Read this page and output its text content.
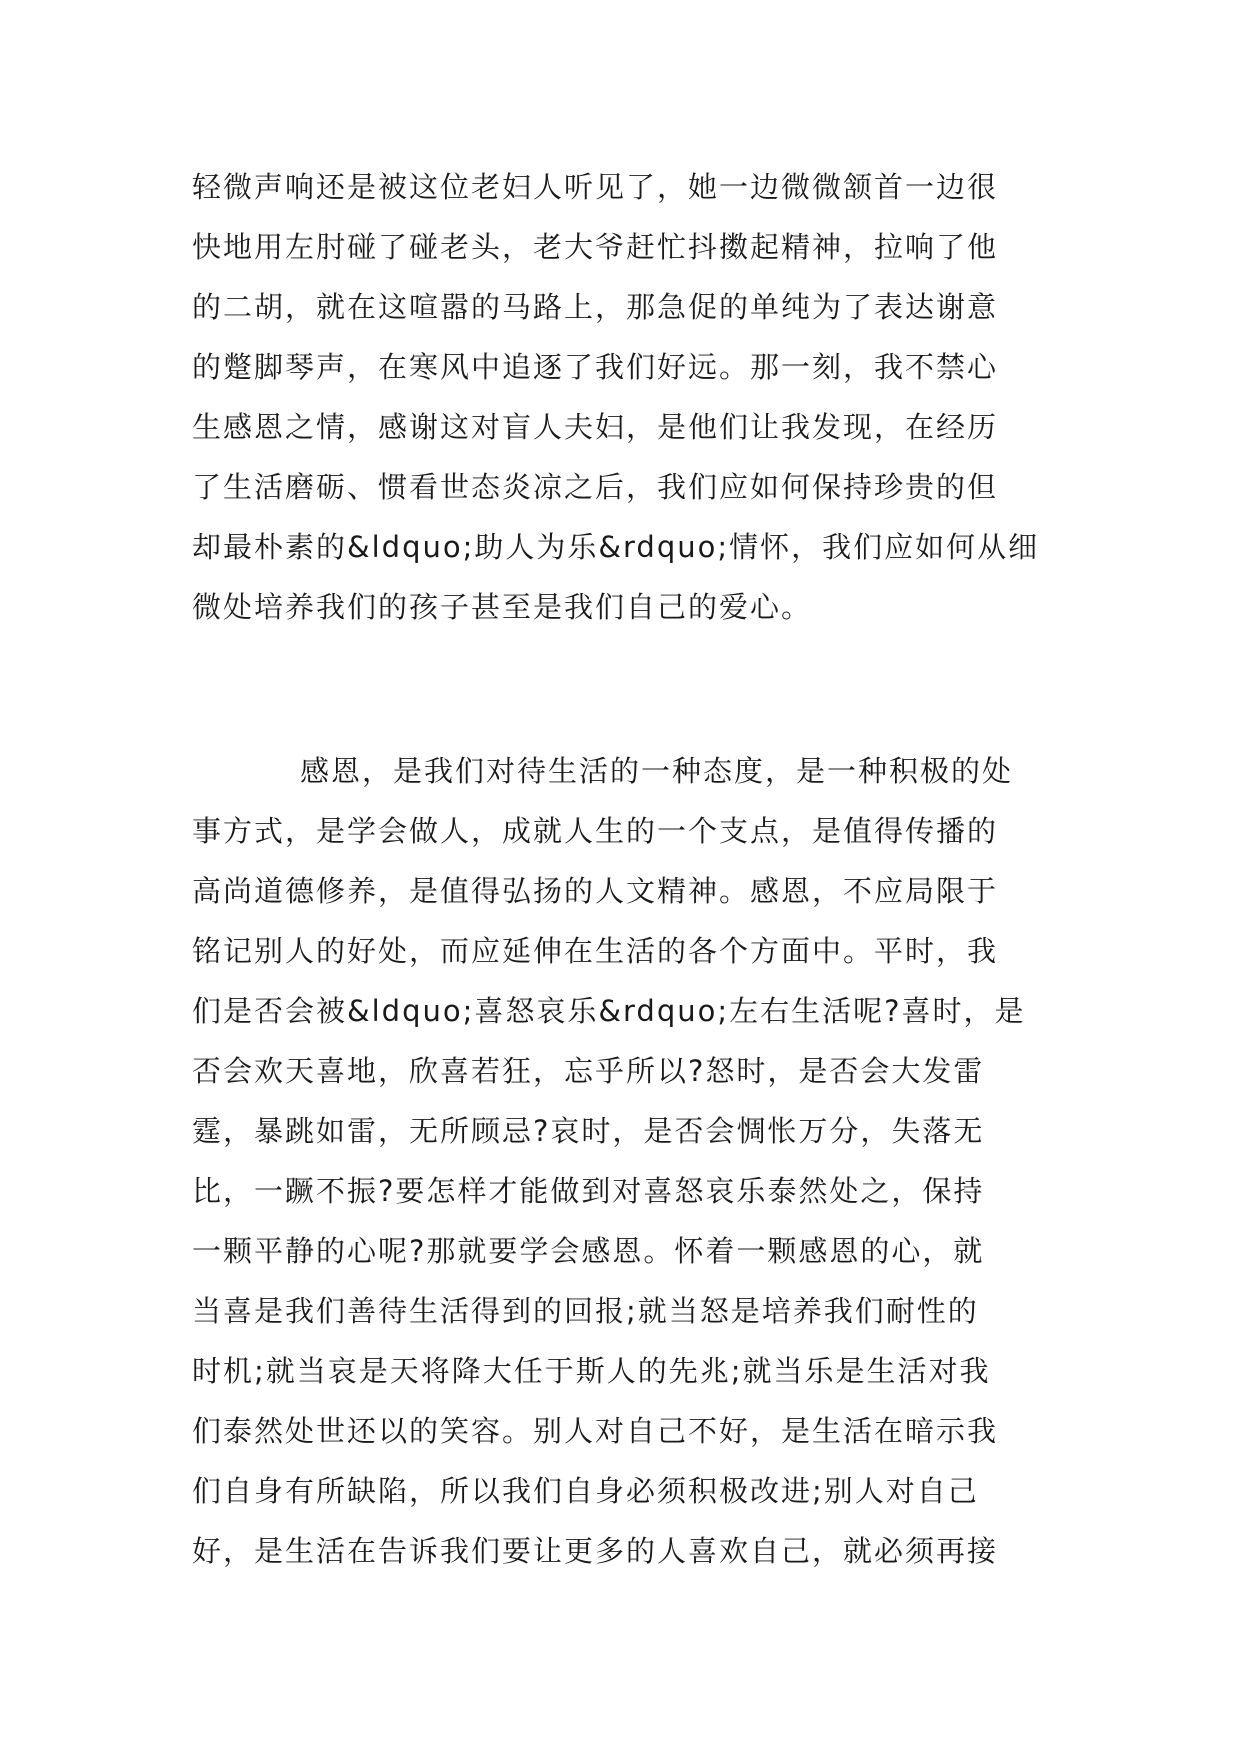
轻微声响还是被这位老妇人听见了，她一边微微颔首一边很
快地用左肘碰了碰老头，老大爷赶忙抖擞起精神，拉响了他
的二胡，就在这喧嚣的马路上，那急促的单纯为了表达谢意
的蹩脚琴声，在寒风中追逐了我们好远。那一刻，我不禁心
生感恩之情，感谢这对盲人夫妇，是他们让我发现，在经历
了生活磨砺、惯看世态炎凉之后，我们应如何保持珍贵的但
却最朴素的&ldquo;助人为乐&rdquo;情怀，我们应如何从细
微处培养我们的孩子甚至是我们自己的爱心。
感恩，是我们对待生活的一种态度，是一种积极的处
事方式，是学会做人，成就人生的一个支点，是值得传播的
高尚道德修养，是值得弘扬的人文精神。感恩，不应局限于
铭记别人的好处，而应延伸在生活的各个方面中。平时，我
们是否会被&ldquo;喜怒哀乐&rdquo;左右生活呢?喜时，是
否会欢天喜地，欣喜若狂，忘乎所以?怒时，是否会大发雷
霆，暴跳如雷，无所顾忌?哀时，是否会惆怅万分，失落无
比，一蹶不振?要怎样才能做到对喜怒哀乐泰然处之，保持
一颗平静的心呢?那就要学会感恩。怀着一颗感恩的心，就
当喜是我们善待生活得到的回报;就当怒是培养我们耐性的
时机;就当哀是天将降大任于斯人的先兆;就当乐是生活对我
们泰然处世还以的笑容。别人对自己不好，是生活在暗示我
们自身有所缺陷，所以我们自身必须积极改进;别人对自己
好，是生活在告诉我们要让更多的人喜欢自己，就必须再接
